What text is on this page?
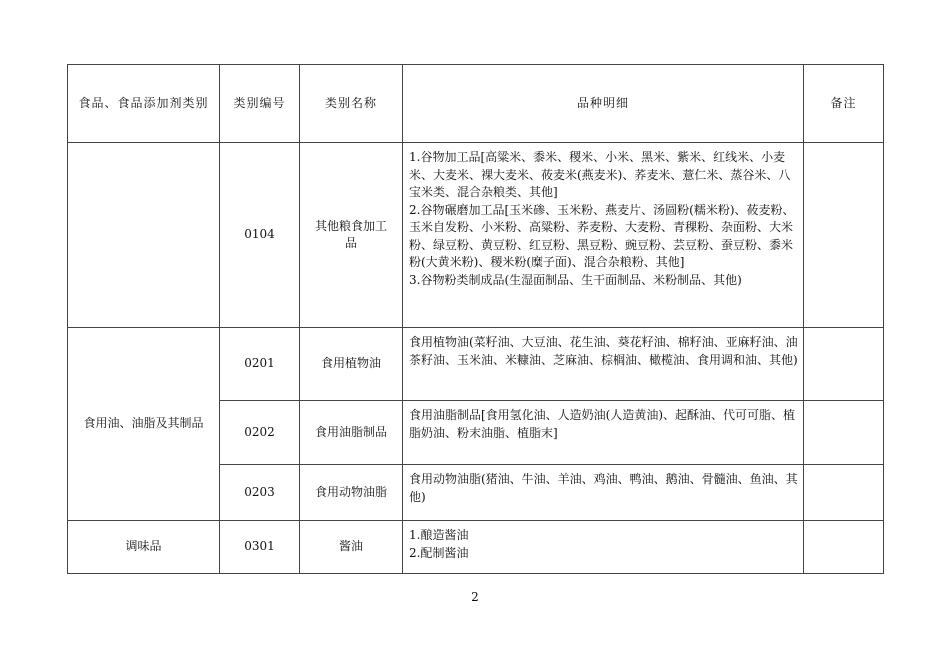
食品、食品添加剂类别	类别编号	类别名称	品种明细	备注
	0104	其他粮食加工品	1.谷物加工品[高粱米、黍米、稷米、小米、黑米、紫米、红线米、小麦米、大麦米、裸大麦米、莜麦米(燕麦米)、荞麦米、薏仁米、蒸谷米、八宝米类、混合杂粮类、其他]
2.谷物碾磨加工品[玉米碜、玉米粉、燕麦片、汤圆粉(糯米粉)、莜麦粉、玉米自发粉、小米粉、高粱粉、荞麦粉、大麦粉、青稞粉、杂面粉、大米粉、绿豆粉、黄豆粉、红豆粉、黑豆粉、豌豆粉、芸豆粉、蚕豆粉、黍米粉(大黄米粉)、稷米粉(糜子面)、混合杂粮粉、其他]
3.谷物粉类制成品(生湿面制品、生干面制品、米粉制品、其他)	

食用油、油脂及其制品	0201	食用植物油	食用植物油(菜籽油、大豆油、花生油、葵花籽油、棉籽油、亚麻籽油、油茶籽油、玉米油、米糠油、芝麻油、棕榈油、橄榄油、食用调和油、其他)	

	0202	食用油脂制品	食用油脂制品[食用氢化油、人造奶油(人造黄油)、起酥油、代可可脂、植脂奶油、粉末油脂、植脂末]	

	0203	食用动物油脂	食用动物油脂(猪油、牛油、羊油、鸡油、鸭油、鹅油、骨髓油、鱼油、其他)	

调味品	0301	酱油	1.酿造酱油
2.配制酱油	

2
